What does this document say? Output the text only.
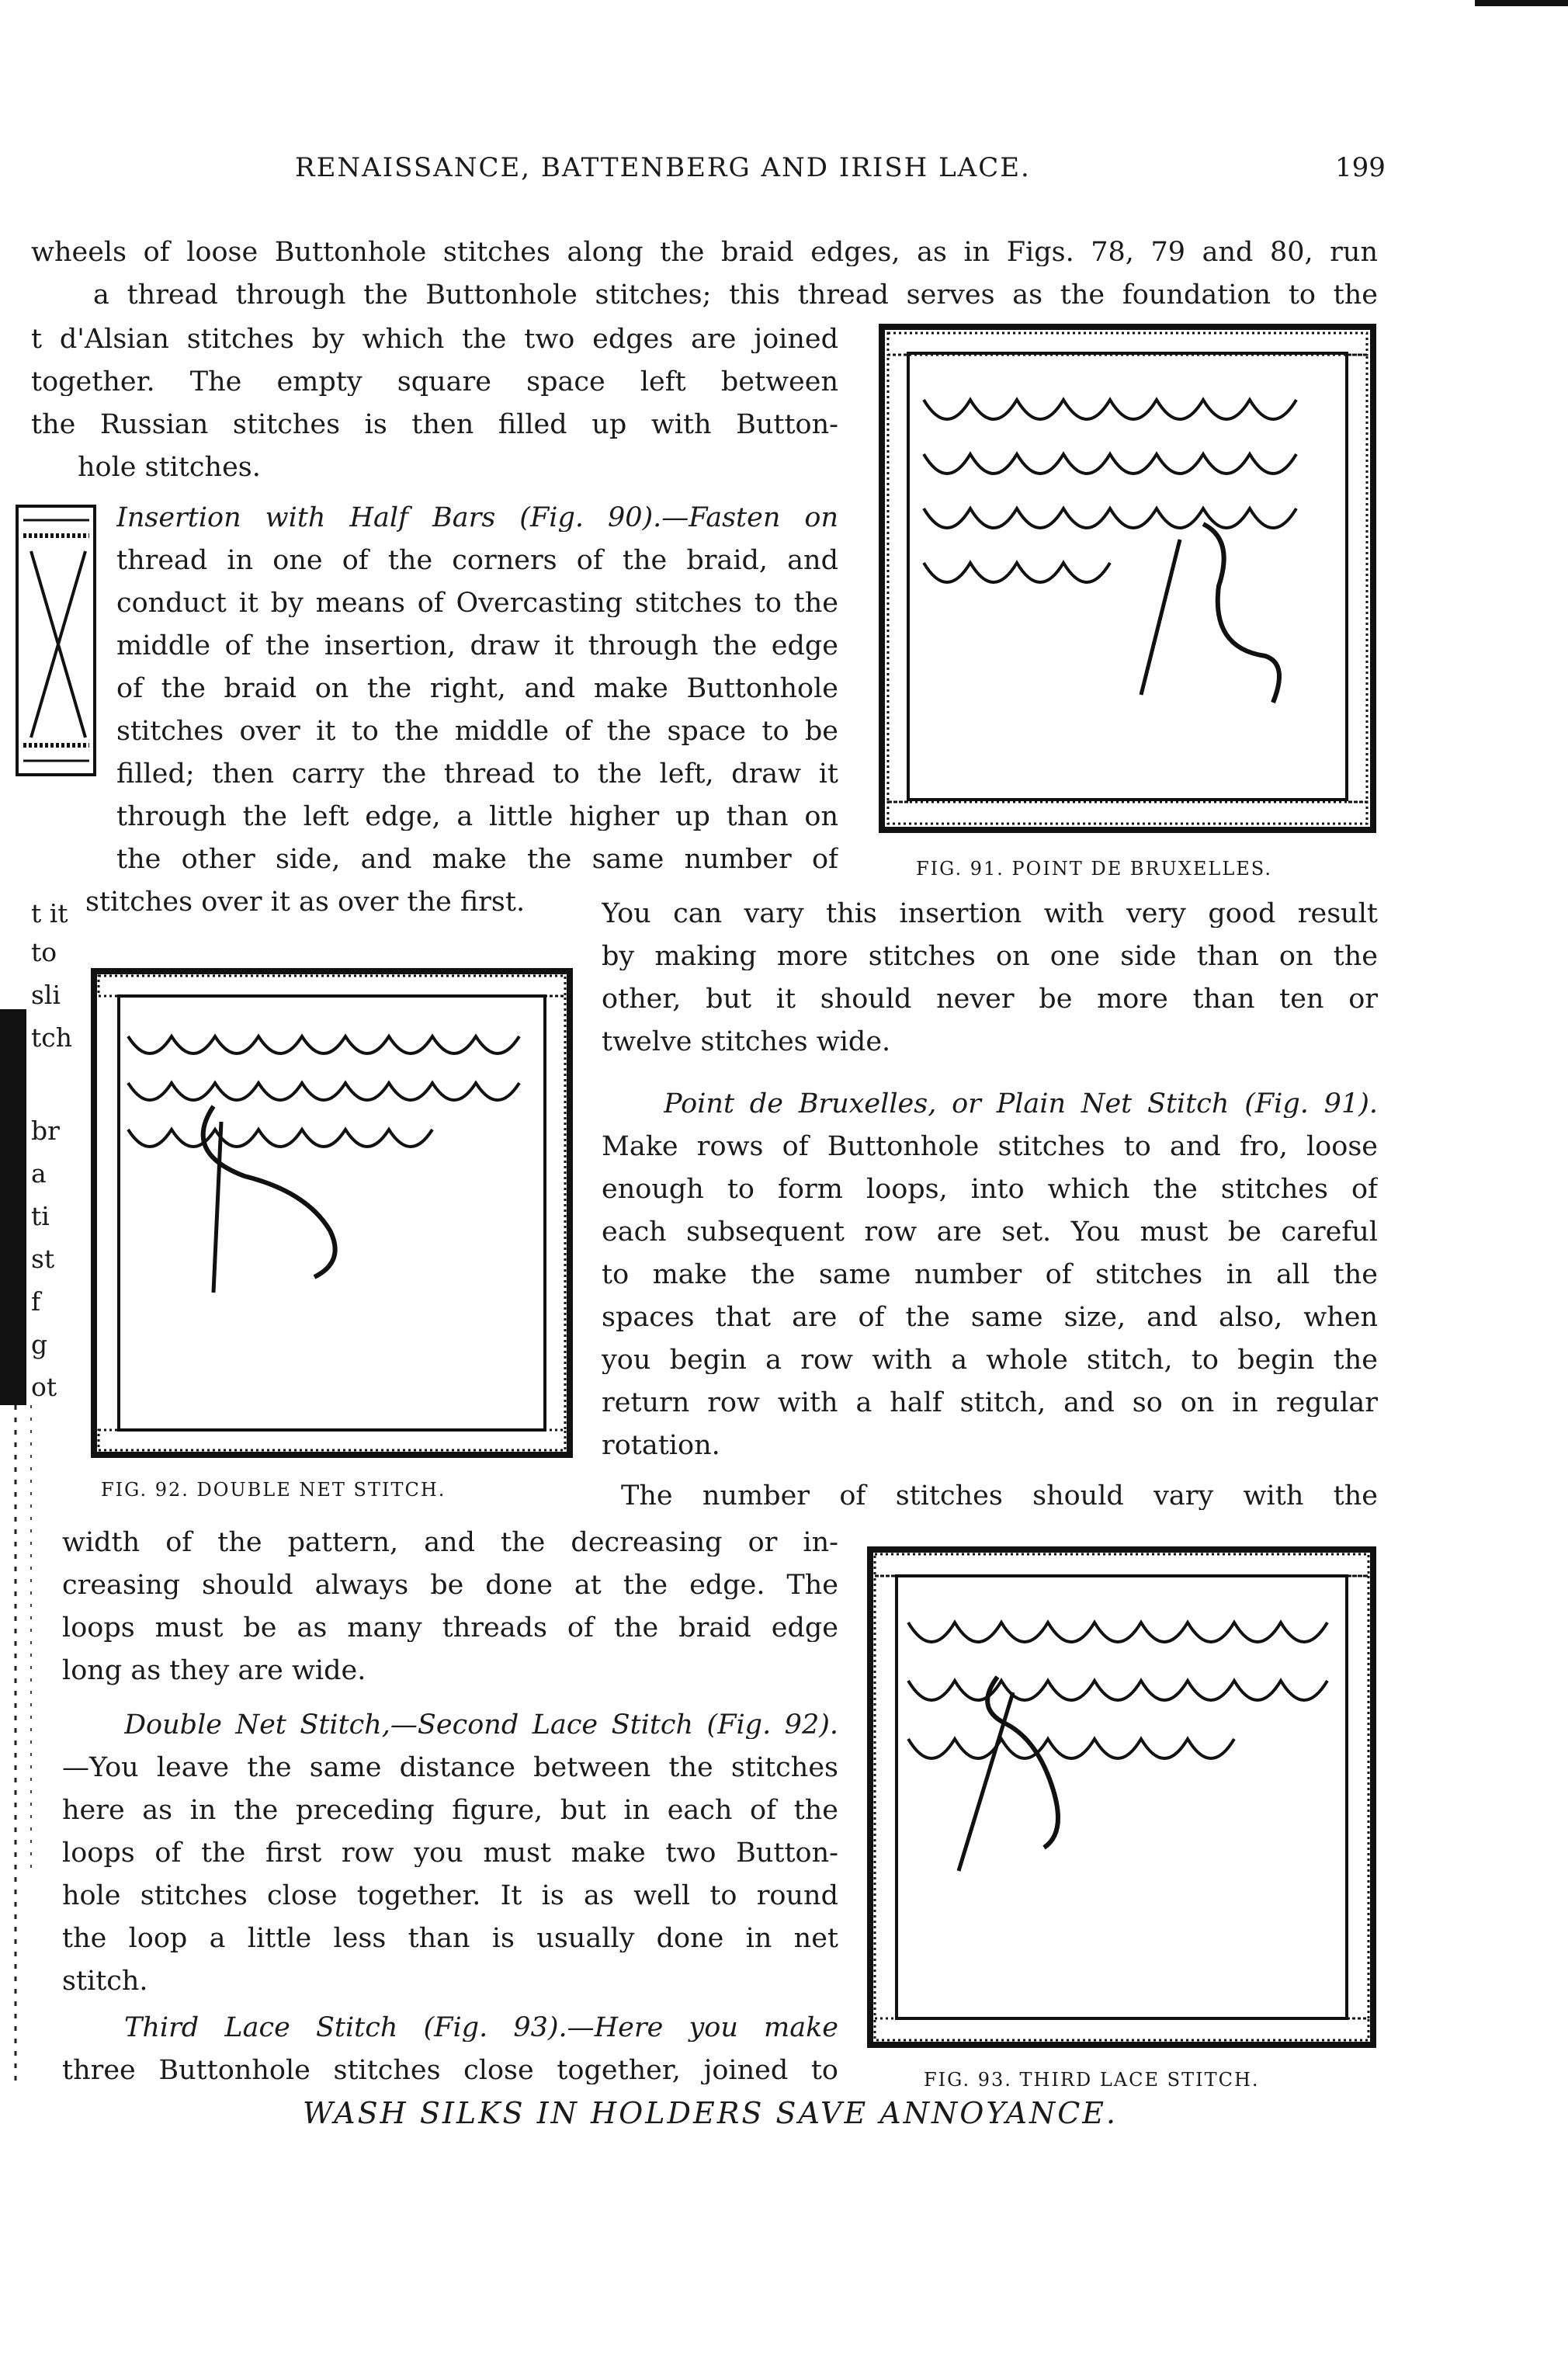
RENAISSANCE, BATTENBERG AND IRISH LACE.	199
wheels of loose Buttonhole stitches along the braid edges, as in Figs. 78, 79 and 80, run
a thread through the Buttonhole stitches; this thread serves as the foundation to the
t d'Alsian stitches by which the two edges are joined
together. The empty square space left between
the Russian stitches is then filled up with Button-
hole stitches.
Insertion with Half Bars (Fig. 90).—Fasten on
thread in one of the corners of the braid, and
conduct it by means of Overcasting stitches to the
middle of the insertion, draw it through the edge
of the braid on the right, and make Buttonhole
stitches over it to the middle of the space to be
filled; then carry the thread to the left, draw it
through the left edge, a little higher up than on
the other side, and make the same number of
stitches over it as over the first.
FIG. 91. POINT DE BRUXELLES.
You can vary this insertion with very good result
by making more stitches on one side than on the
other, but it should never be more than ten or
twelve stitches wide.
Point de Bruxelles, or Plain Net Stitch (Fig. 91).
Make rows of Buttonhole stitches to and fro, loose
enough to form loops, into which the stitches of
each subsequent row are set. You must be careful
to make the same number of stitches in all the
spaces that are of the same size, and also, when
you begin a row with a whole stitch, to begin the
return row with a half stitch, and so on in regular
rotation.
t it
to
sli
tch
br
a
ti
st
f
g
ot
FIG. 92. DOUBLE NET STITCH.	The number of stitches should vary with the
width of the pattern, and the decreasing or in-
creasing should always be done at the edge. The
loops must be as many threads of the braid edge
long as they are wide.
Double Net Stitch,—Second Lace Stitch (Fig. 92).
—You leave the same distance between the stitches
here as in the preceding figure, but in each of the
loops of the first row you must make two Button-
hole stitches close together. It is as well to round
the loop a little less than is usually done in net
stitch.
Third Lace Stitch (Fig. 93).—Here you make
three Buttonhole stitches close together, joined to	FIG. 93. THIRD LACE STITCH.
WASH SILKS IN HOLDERS SAVE ANNOYANCE.
